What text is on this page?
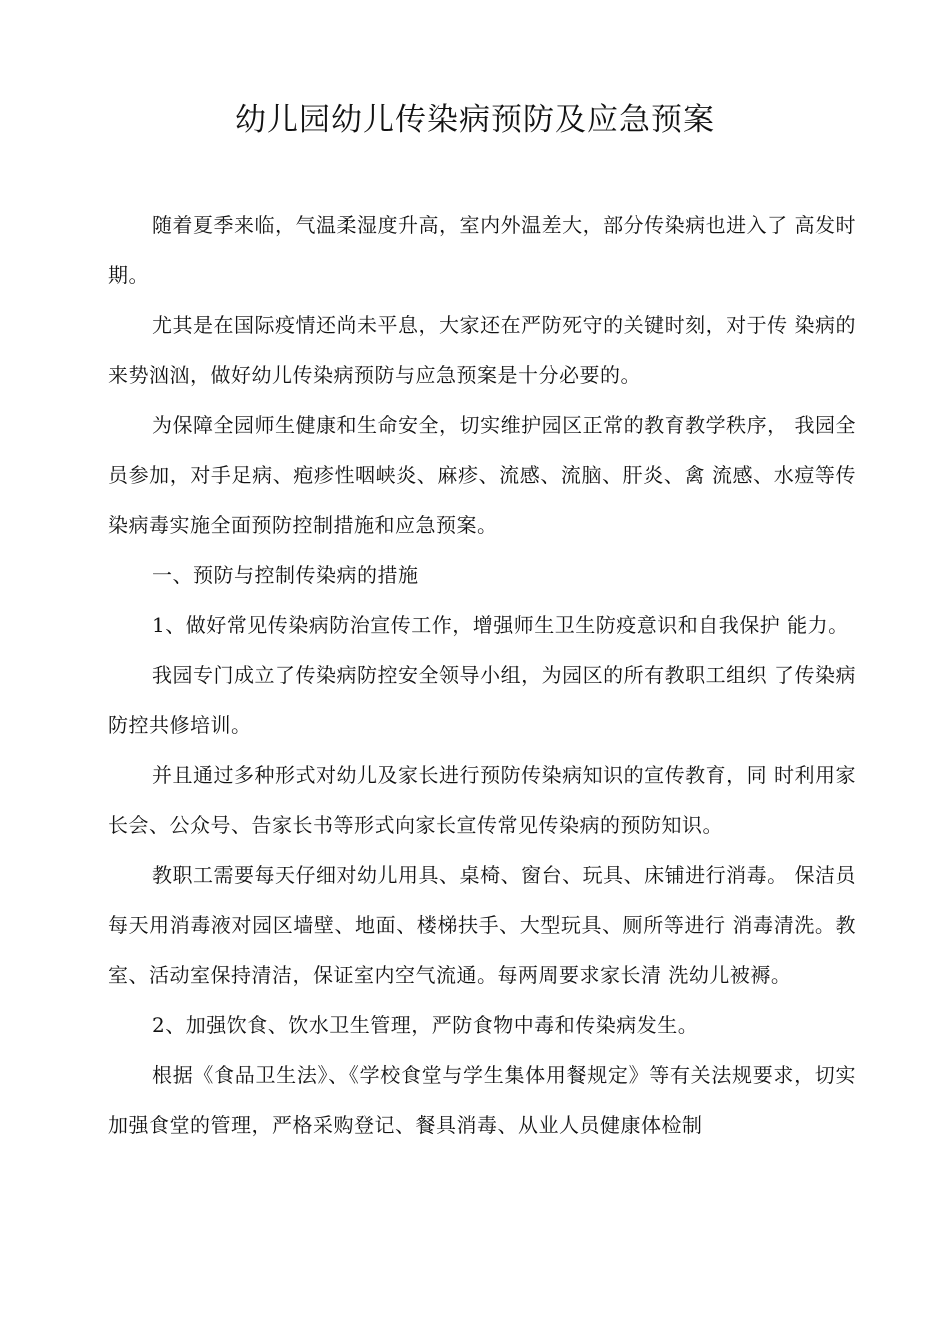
幼儿园幼儿传染病预防及应急预案

随着夏季来临，气温柔湿度升高，室内外温差大，部分传染病也进入了 高发时期。

尤其是在国际疫情还尚未平息，大家还在严防死守的关键时刻，对于传 染病的来势汹汹，做好幼儿传染病预防与应急预案是十分必要的。

为保障全园师生健康和生命安全，切实维护园区正常的教育教学秩序， 我园全员参加，对手足病、疱疹性咽峡炎、麻疹、流感、流脑、肝炎、禽 流感、水痘等传染病毒实施全面预防控制措施和应急预案。

一、预防与控制传染病的措施

1、做好常见传染病防治宣传工作，增强师生卫生防疫意识和自我保护 能力。

我园专门成立了传染病防控安全领导小组，为园区的所有教职工组织 了传染病防控共修培训。

并且通过多种形式对幼儿及家长进行预防传染病知识的宣传教育，同 时利用家长会、公众号、告家长书等形式向家长宣传常见传染病的预防知识。

教职工需要每天仔细对幼儿用具、桌椅、窗台、玩具、床铺进行消毒。 保洁员每天用消毒液对园区墙壁、地面、楼梯扶手、大型玩具、厕所等进行 消毒清洗。教室、活动室保持清洁，保证室内空气流通。每两周要求家长清 洗幼儿被褥。

2、加强饮食、饮水卫生管理，严防食物中毒和传染病发生。

根据《食品卫生法》、《学校食堂与学生集体用餐规定》等有关法规要求，切实加强食堂的管理，严格采购登记、餐具消毒、从业人员健康体检制
